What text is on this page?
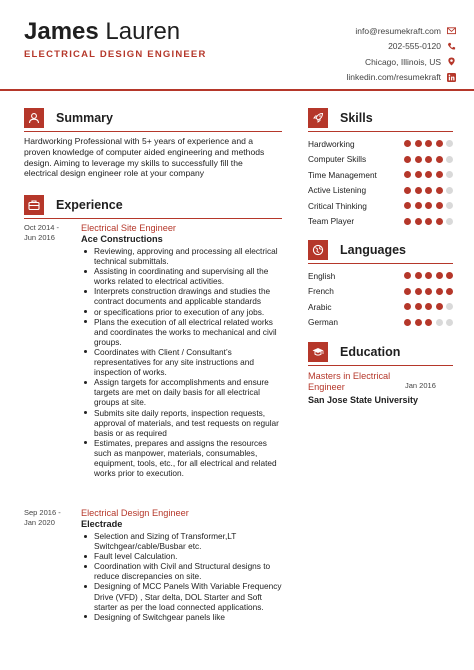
James Lauren
ELECTRICAL DESIGN ENGINEER
info@resumekraft.com
202-555-0120
Chicago, Illinois, US
linkedin.com/resumekraft
Summary
Hardworking Professional with 5+ years of experience and a proven knowledge of computer aided engineering and methods design. Aiming to leverage my skills to successfully fill the electrical design engineer role at your company
Experience
Oct 2014 -
Jun 2016
Electrical Site Engineer
Ace Constructions
Reviewing, approving and processing all electrical technical submittals.
Assisting in coordinating and supervising all the works related to electrical activities.
Interprets construction drawings and studies the contract documents and applicable standards
or specifications prior to execution of any jobs.
Plans the execution of all electrical related works and coordinates the works to mechanical and civil groups.
Coordinates with Client / Consultant’s representatives for any site instructions and inspection of works.
Assign targets for accomplishments and ensure targets are met on daily basis for all electrical groups at site.
Submits site daily reports, inspection requests, approval of materials, and test requests on regular basis or as required
Estimates, prepares and assigns the resources such as manpower, materials, consumables, equipment, tools, etc., for all electrical and related works prior to execution.
Sep 2016 -
Jan 2020
Electrical Design Engineer
Electrade
Selection and Sizing of Transformer,LT Switchgear/cable/Busbar etc.
Fault level Calculation.
Coordination with Civil and Structural designs to reduce discrepancies on site.
Designing of MCC Panels With Variable Frequency Drive (VFD) , Star delta, DOL Starter and Soft starter as per the load connected applications.
Designing of Switchgear panels like
Skills
Hardworking
Computer Skills
Time Management
Active Listening
Critical Thinking
Team Player
Languages
English
French
Arabic
German
Education
Masters in Electrical Engineer	Jan 2016
San Jose State University
